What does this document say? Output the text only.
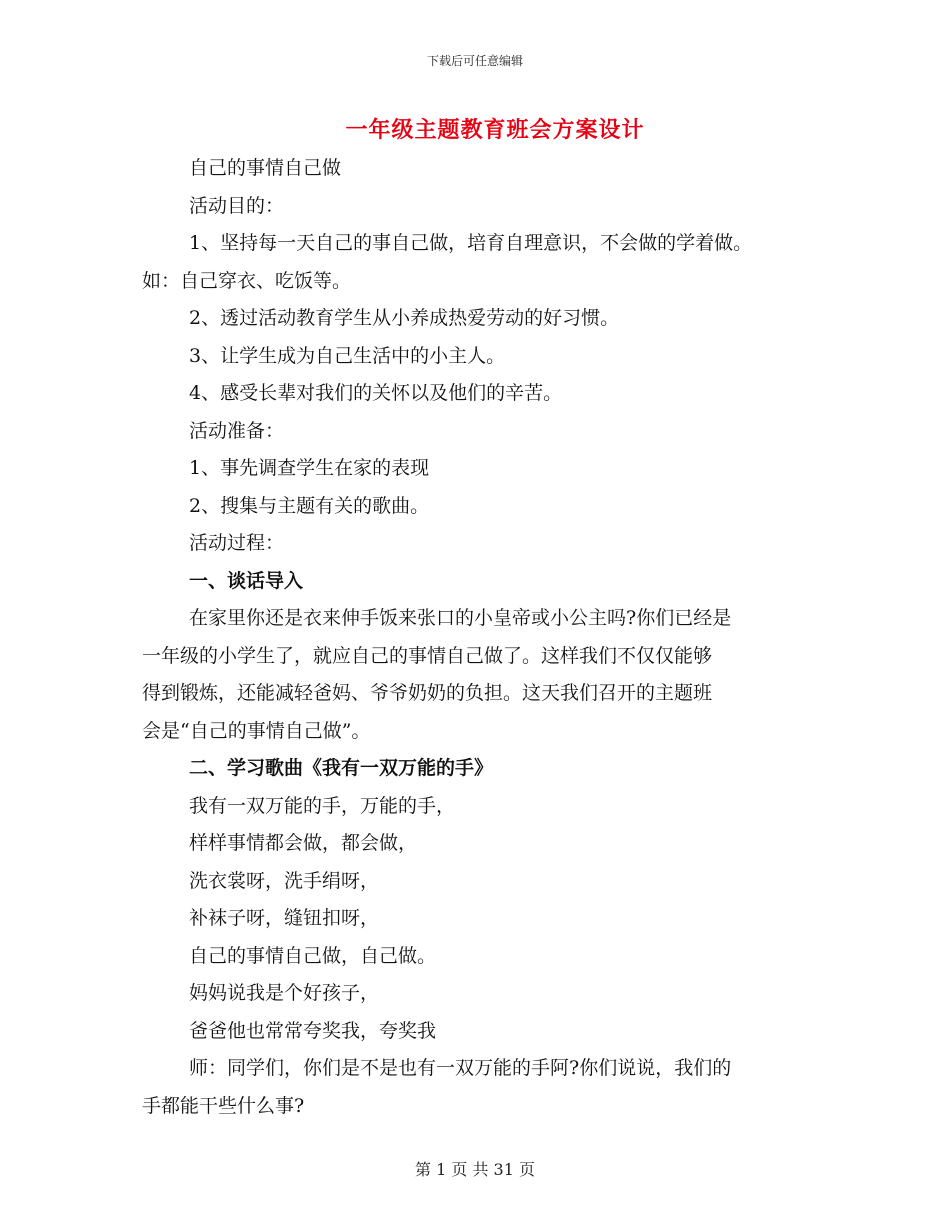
下载后可任意编辑
一年级主题教育班会方案设计

自己的事情自己做

活动目的：

1、坚持每一天自己的事自己做，培育自理意识，不会做的学着做。

如：自己穿衣、吃饭等。

2、透过活动教育学生从小养成热爱劳动的好习惯。

3、让学生成为自己生活中的小主人。

4、感受长辈对我们的关怀以及他们的辛苦。

活动准备：

1、事先调查学生在家的表现

2、搜集与主题有关的歌曲。

活动过程：

一、谈话导入

在家里你还是衣来伸手饭来张口的小皇帝或小公主吗?你们已经是

一年级的小学生了，就应自己的事情自己做了。这样我们不仅仅能够

得到锻炼，还能减轻爸妈、爷爷奶奶的负担。这天我们召开的主题班

会是“自己的事情自己做”。

二、学习歌曲《我有一双万能的手》

我有一双万能的手，万能的手，

样样事情都会做，都会做，

洗衣裳呀，洗手绢呀，

补袜子呀，缝钮扣呀，

自己的事情自己做，自己做。

妈妈说我是个好孩子，

爸爸他也常常夸奖我，夸奖我

师：同学们，你们是不是也有一双万能的手阿?你们说说，我们的

手都能干些什么事?

第 1 页 共 31 页
